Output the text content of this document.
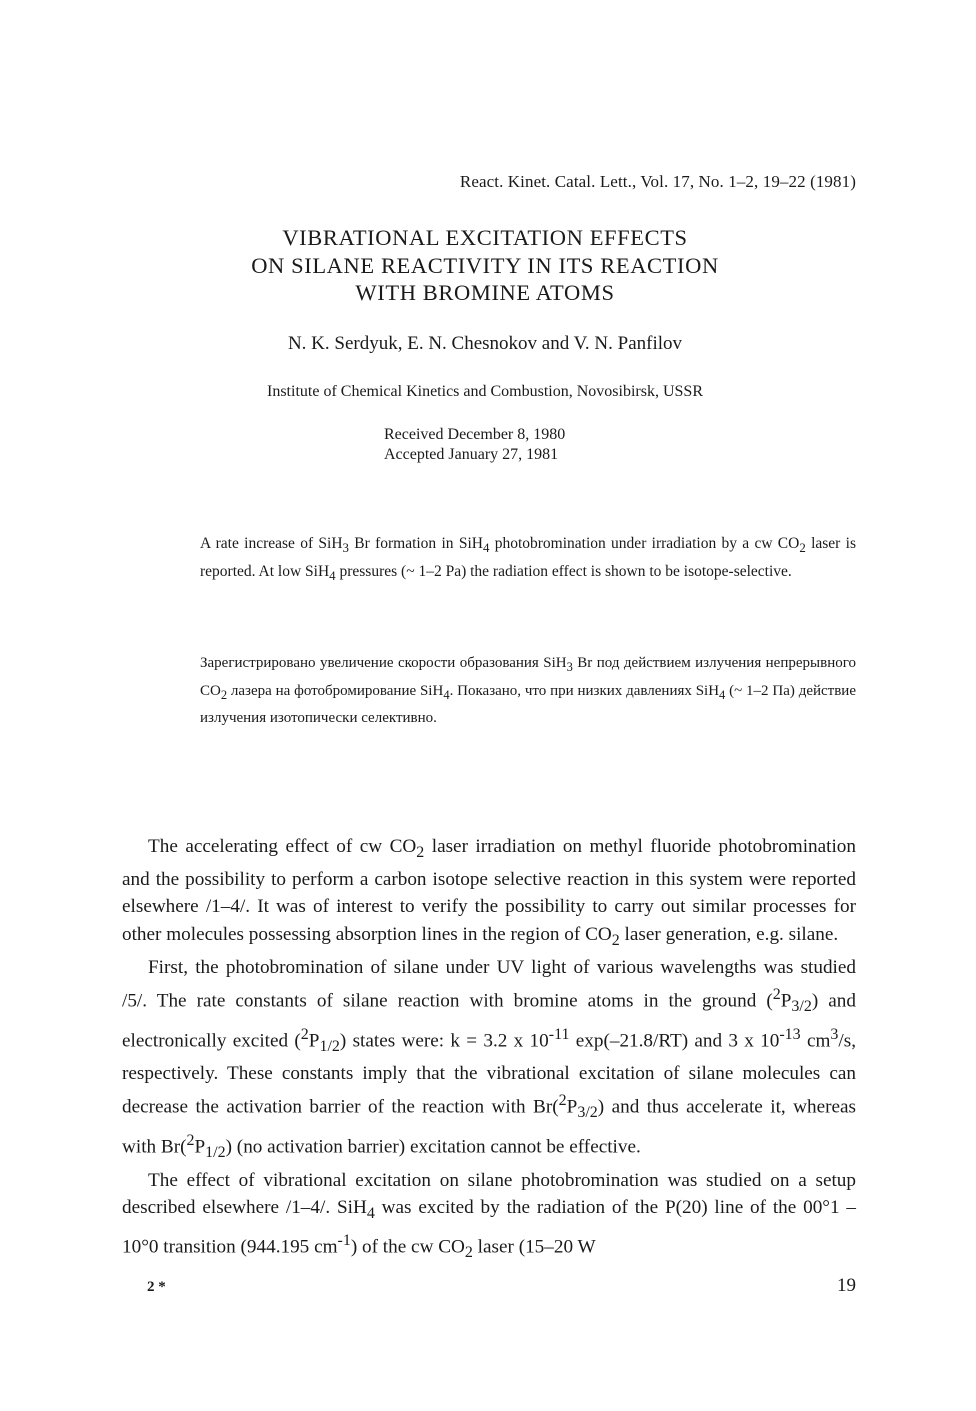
React. Kinet. Catal. Lett., Vol. 17, No. 1–2, 19–22 (1981)
VIBRATIONAL EXCITATION EFFECTS
ON SILANE REACTIVITY IN ITS REACTION
WITH BROMINE ATOMS
N. K. Serdyuk, E. N. Chesnokov and V. N. Panfilov
Institute of Chemical Kinetics and Combustion, Novosibirsk, USSR
Received December 8, 1980
Accepted January 27, 1981
A rate increase of SiH$_3$ Br formation in SiH$_4$ photobromination under irradiation by a cw $CO_2$ laser is reported. At low SiH$_4$ pressures (~ 1–2 Pa) the radiation effect is shown to be isotope-selective.
Зарегистрировано увеличение скорости образования SiH$_3$ Br под действием излучения непрерывного $CO_2$ лазера на фотобромирование SiH$_4$. Показано, что при низких давлениях SiH$_4$ (~ 1–2 Па) действие излучения изотопически селективно.

The accelerating effect of cw $CO_2$ laser irradiation on methyl fluoride photobromination and the possibility to perform a carbon isotope selective reaction in this system were reported elsewhere /1–4/. It was of interest to verify the possibility to carry out similar processes for other molecules possessing absorption lines in the region of $CO_2$ laser generation, e.g. silane.

First, the photobromination of silane under UV light of various wavelengths was studied /5/. The rate constants of silane reaction with bromine atoms in the ground $(^2P_{3/2})$ and electronically excited $(^2P_{1/2})$ states were: k = 3.2 x $10^{-11}$ exp(–21.8/RT) and 3 x $10^{-13}$ $cm^3/s$, respectively. These constants imply that the vibrational excitation of silane molecules can decrease the activation barrier of the reaction with $Br(^2P_{3/2})$ and thus accelerate it, whereas with $Br(^2P_{1/2})$ (no activation barrier) excitation cannot be effective.

The effect of vibrational excitation on silane photobromination was studied on a setup described elsewhere /1–4/. SiH$_4$ was excited by the radiation of the P(20) line of the 00°1 – 10°0 transition (944.195 $cm^{-1}$) of the cw $CO_2$ laser (15–20 W

2 *	19
